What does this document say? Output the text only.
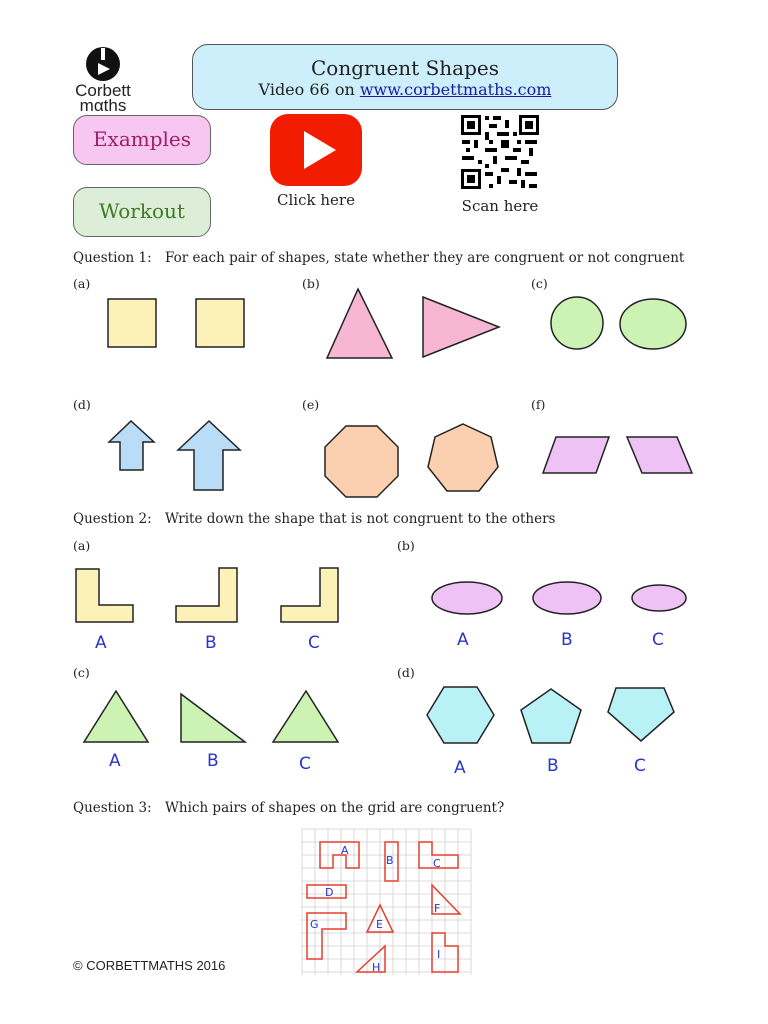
Corbett
mαths
Congruent Shapes
Video 66 on www.corbettmaths.com
Examples
Workout	Click here	Scan here
Question 1: For each pair of shapes, state whether they are congruent or not congruent
(a)	(b)	(c)
(d)	(e)	(f)
Question 2: Write down the shape that is not congruent to the others
(a)	(b)
(c)	(d)
A	B	C	A	B	C
A	B	C	A	B	C
Question 3: Which pairs of shapes on the grid are congruent?
A
B	C
D
E
F
G
H
I
© CORBETTMATHS 2016
